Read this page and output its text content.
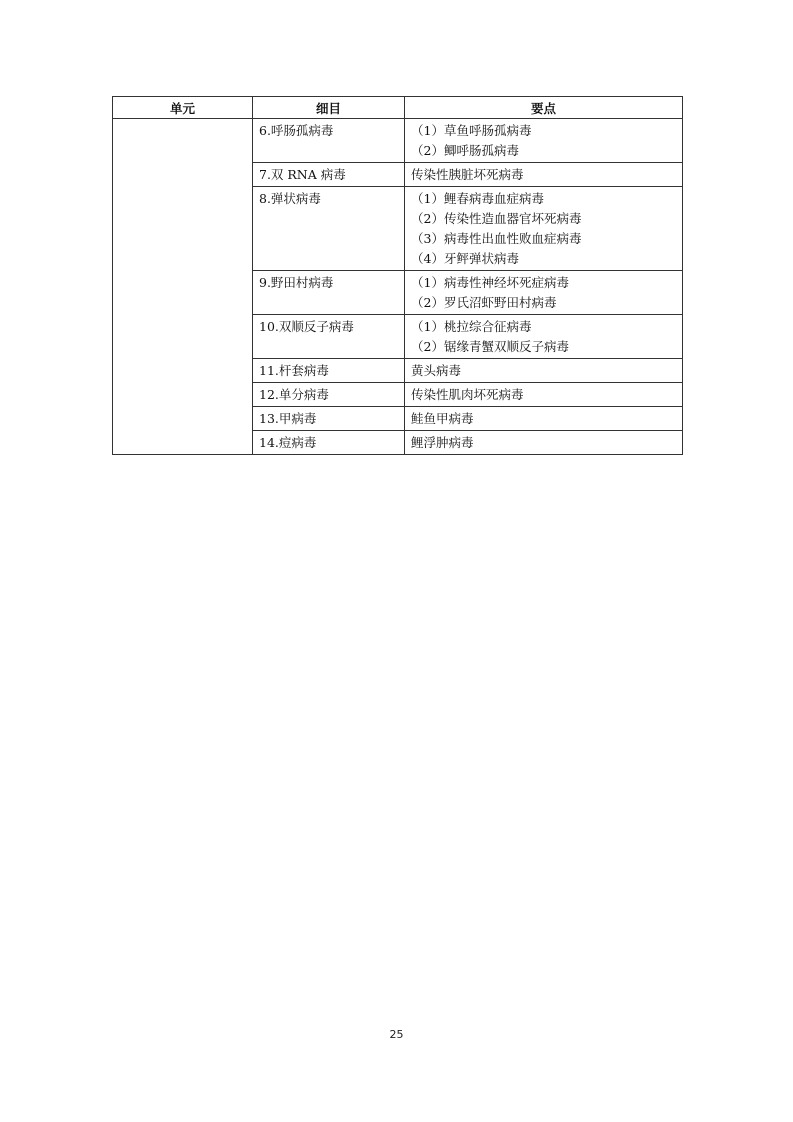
单元	细目	要点
	6.呼肠孤病毒	（1）草鱼呼肠孤病毒
（2）鲫呼肠孤病毒

	7.双 RNA 病毒	传染性胰脏坏死病毒

	8.弹状病毒	（1）鲤春病毒血症病毒
（2）传染性造血器官坏死病毒
（3）病毒性出血性败血症病毒
（4）牙鲆弹状病毒

	9.野田村病毒	（1）病毒性神经坏死症病毒
（2）罗氏沼虾野田村病毒

	10.双顺反子病毒	（1）桃拉综合征病毒
（2）锯缘青蟹双顺反子病毒

	11.杆套病毒	黄头病毒

	12.单分病毒	传染性肌肉坏死病毒

	13.甲病毒	鲑鱼甲病毒

	14.痘病毒	鲤浮肿病毒
25
